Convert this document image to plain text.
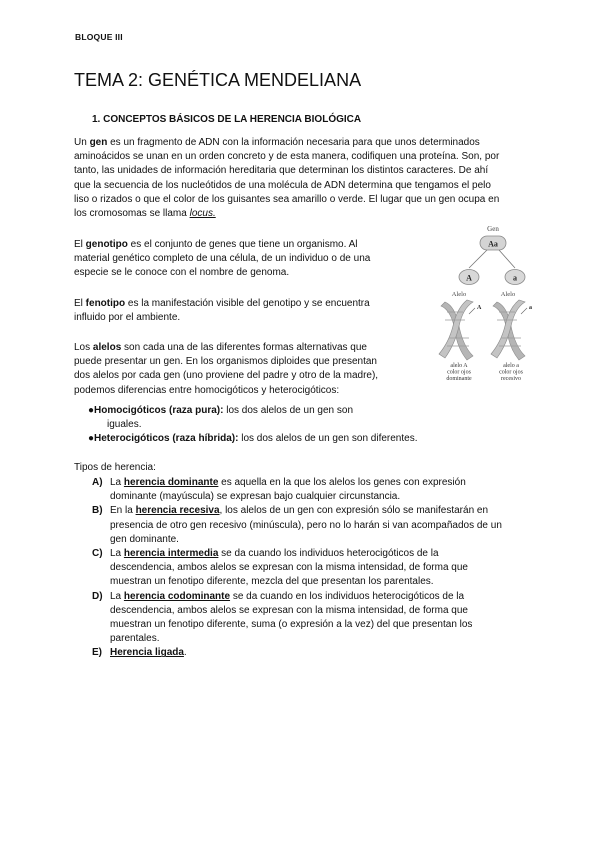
BLOQUE III
TEMA 2: GENÉTICA MENDELIANA
1. CONCEPTOS BÁSICOS DE LA HERENCIA BIOLÓGICA

Un gen es un fragmento de ADN con la información necesaria para que unos determinados
aminoácidos se unan en un orden concreto y de esta manera, codifiquen una proteína. Son, por
tanto, las unidades de información hereditaria que determinan los distintos caracteres. De ahí
que la secuencia de los nucleótidos de una molécula de ADN determina que tengamos el pelo
liso o rizados o que el color de los guisantes sea amarillo o verde. El lugar que un gen ocupa en
los cromosomas se llama locus.

El genotipo es el conjunto de genes que tiene un organismo. Al
material genético completo de una célula, de un individuo o de una
especie se le conoce con el nombre de genoma.

El fenotipo es la manifestación visible del genotipo y se encuentra
influido por el ambiente.

Los alelos son cada una de las diferentes formas alternativas que
puede presentar un gen. En los organismos diploides que presentan
dos alelos por cada gen (uno proviene del padre y otro de la madre),
podemos diferencias entre homocigóticos y heterocigóticos:

●Homocigóticos (raza pura): los dos alelos de un gen son
iguales.
●Heterocigóticos (raza híbrida): los dos alelos de un gen son diferentes.

Tipos de herencia:

A) La herencia dominante es aquella en la que los alelos los genes con expresión
dominante (mayúscula) se expresan bajo cualquier circunstancia.
B) En la herencia recesiva, los alelos de un gen con expresión sólo se manifestarán en
presencia de otro gen recesivo (minúscula), pero no lo harán si van acompañados de un
gen dominante.
C) La herencia intermedia se da cuando los individuos heterocigóticos de la
descendencia, ambos alelos se expresan con la misma intensidad, de forma que
muestran un fenotipo diferente, mezcla del que presentan los parentales.
D) La herencia codominante se da cuando en los individuos heterocigóticos de la
descendencia, ambos alelos se expresan con la misma intensidad, de forma que
muestran un fenotipo diferente, suma (o expresión a la vez) del que presentan los
parentales.
E) Herencia ligada.
Gen
Aa
A	a
Alelo	Alelo
A	a
alelo A
color ojos
dominante
alelo a
color ojos
recesivo
